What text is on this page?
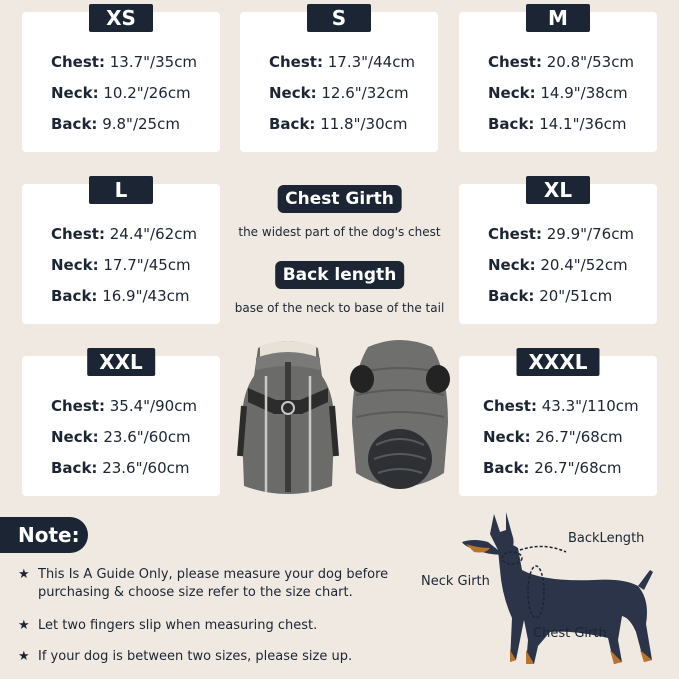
XS
Chest: 13.7"/35cm
Neck: 10.2"/26cm
Back: 9.8"/25cm
S
Chest: 17.3"/44cm
Neck: 12.6"/32cm
Back: 11.8"/30cm
M
Chest: 20.8"/53cm
Neck: 14.9"/38cm
Back: 14.1"/36cm
L
Chest: 24.4"/62cm
Neck: 17.7"/45cm
Back: 16.9"/43cm
Chest Girth
the widest part of the dog's chest
Back length
base of the neck to base of the tail
XL
Chest: 29.9"/76cm
Neck: 20.4"/52cm
Back: 20"/51cm
XXL
Chest: 35.4"/90cm
Neck: 23.6"/60cm
Back: 23.6"/60cm
XXXL
Chest: 43.3"/110cm
Neck: 26.7"/68cm
Back: 26.7"/68cm
Note:
★ This Is A Guide Only, please measure your dog before purchasing & choose size refer to the size chart.
★ Let two fingers slip when measuring chest.
★ If your dog is between two sizes, please size up.
BackLength
Neck Girth
Chest Girth
